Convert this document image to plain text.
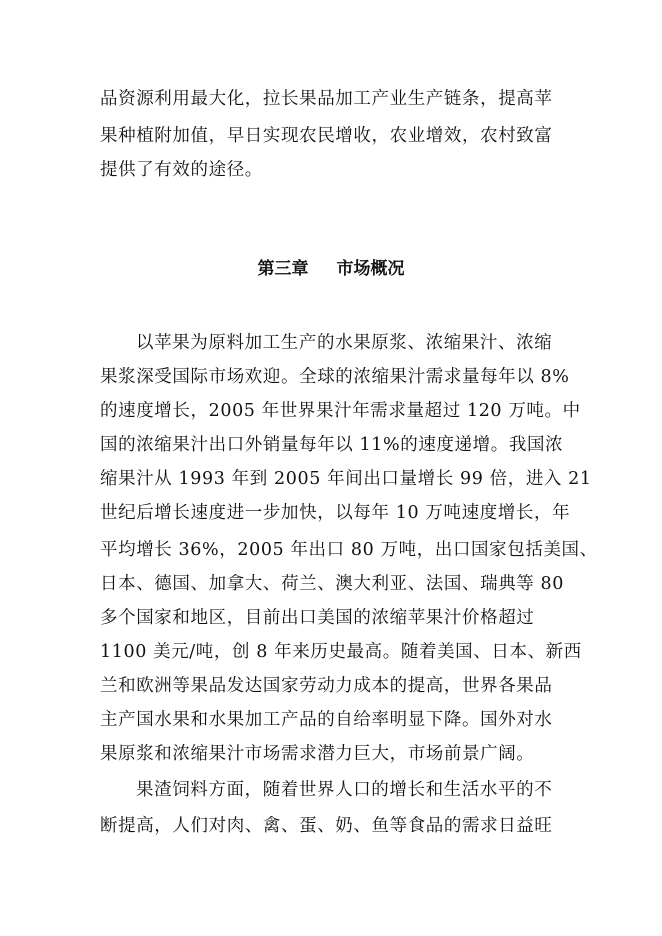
品资源利用最大化，拉长果品加工产业生产链条，提高苹
果种植附加值，早日实现农民增收，农业增效，农村致富
提供了有效的途径。
第三章 市场概况
以苹果为原料加工生产的水果原浆、浓缩果汁、浓缩
果浆深受国际市场欢迎。全球的浓缩果汁需求量每年以 8%
的速度增长，2005 年世界果汁年需求量超过 120 万吨。中
国的浓缩果汁出口外销量每年以 11%的速度递增。我国浓
缩果汁从 1993 年到 2005 年间出口量增长 99 倍，进入 21
世纪后增长速度进一步加快，以每年 10 万吨速度增长，年
平均增长 36%，2005 年出口 80 万吨，出口国家包括美国、
日本、德国、加拿大、荷兰、澳大利亚、法国、瑞典等 80
多个国家和地区，目前出口美国的浓缩苹果汁价格超过
1100 美元/吨，创 8 年来历史最高。随着美国、日本、新西
兰和欧洲等果品发达国家劳动力成本的提高，世界各果品
主产国水果和水果加工产品的自给率明显下降。国外对水
果原浆和浓缩果汁市场需求潜力巨大，市场前景广阔。
果渣饲料方面，随着世界人口的增长和生活水平的不
断提高，人们对肉、禽、蛋、奶、鱼等食品的需求日益旺
